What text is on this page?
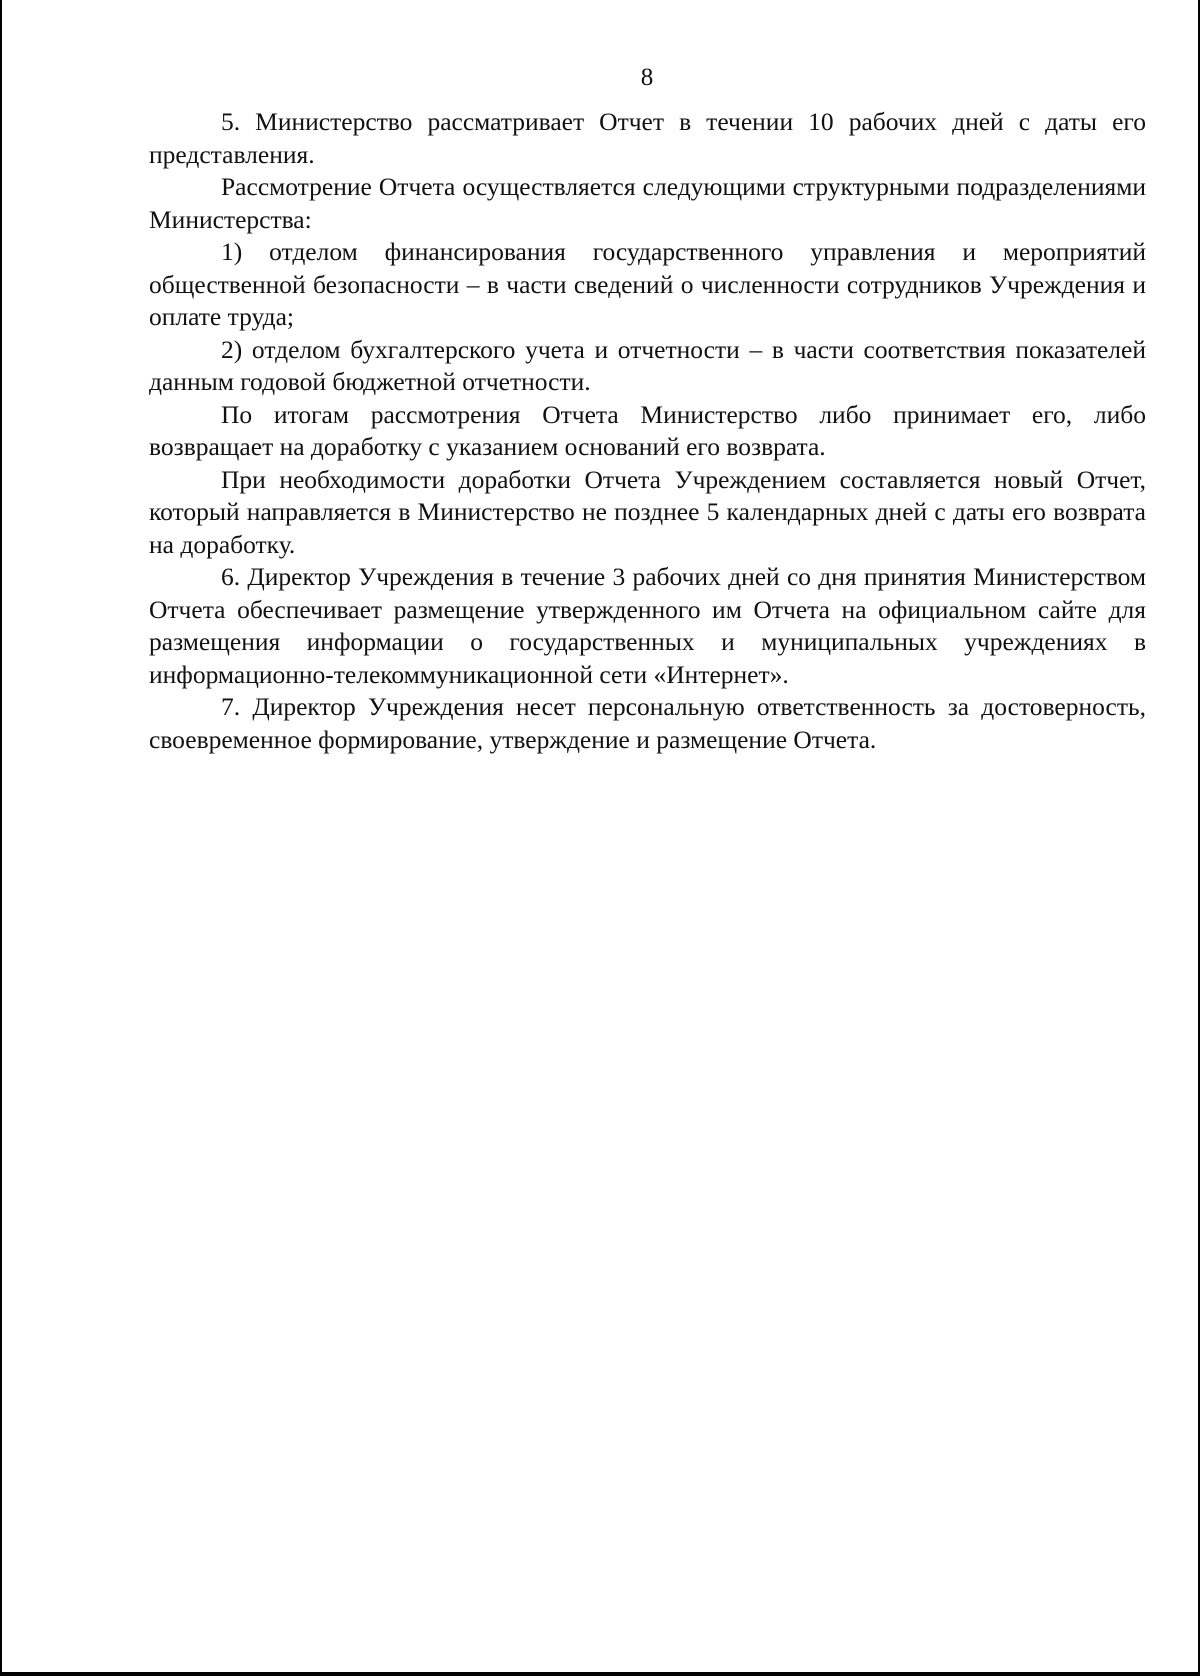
8

5. Министерство рассматривает Отчет в течении 10 рабочих дней с даты его представления.

Рассмотрение Отчета осуществляется следующими структурными подразделениями Министерства:

1) отделом финансирования государственного управления и мероприятий общественной безопасности – в части сведений о численности сотрудников Учреждения и оплате труда;

2) отделом бухгалтерского учета и отчетности – в части соответствия показателей данным годовой бюджетной отчетности.

По итогам рассмотрения Отчета Министерство либо принимает его, либо возвращает на доработку с указанием оснований его возврата.

При необходимости доработки Отчета Учреждением составляется новый Отчет, который направляется в Министерство не позднее 5 календарных дней с даты его возврата на доработку.

6. Директор Учреждения в течение 3 рабочих дней со дня принятия Министерством Отчета обеспечивает размещение утвержденного им Отчета на официальном сайте для размещения информации о государственных и муниципальных учреждениях в информационно-телекоммуникационной сети «Интернет».

7. Директор Учреждения несет персональную ответственность за достоверность, своевременное формирование, утверждение и размещение Отчета.
